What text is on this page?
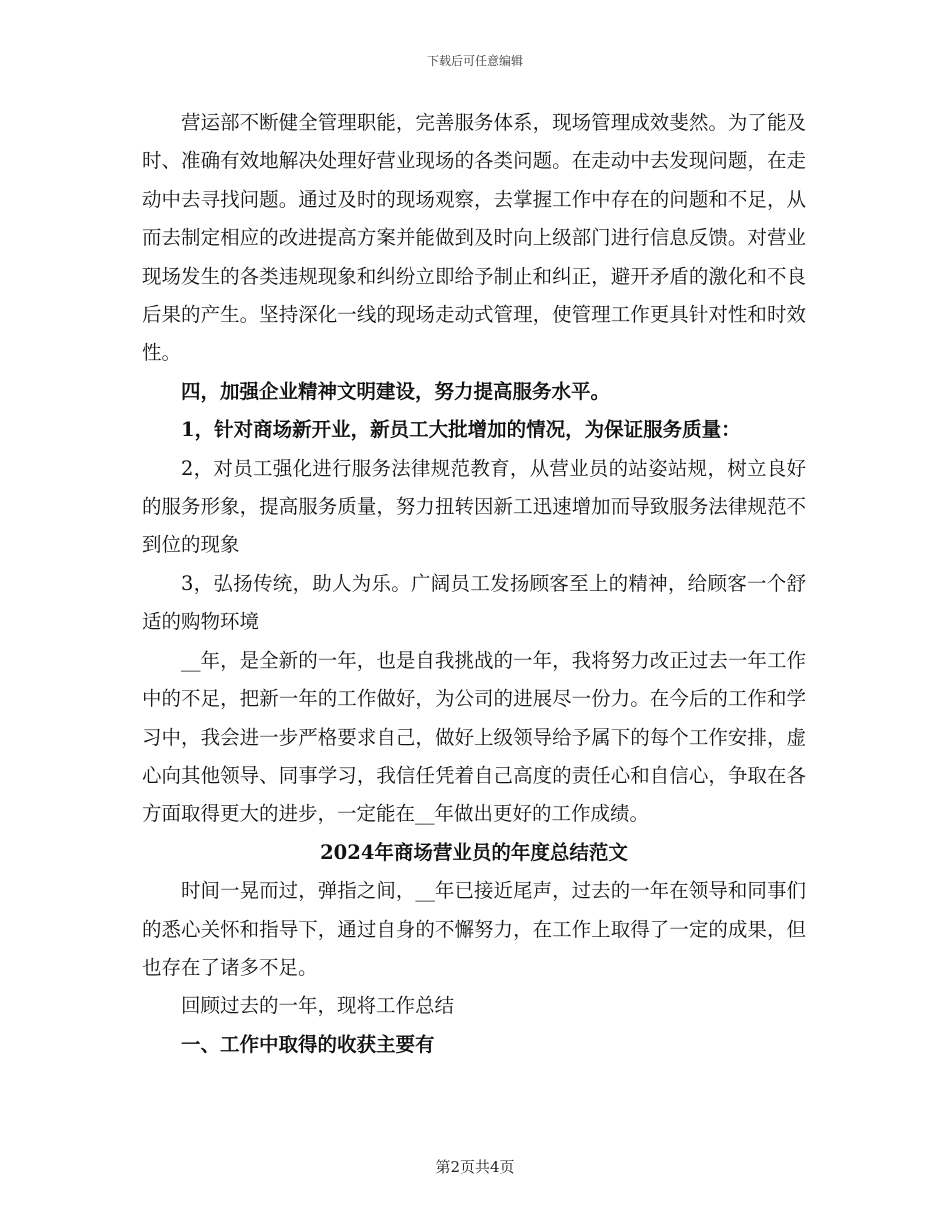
下载后可任意编辑

营运部不断健全管理职能，完善服务体系，现场管理成效斐然。为了能及时、准确有效地解决处理好营业现场的各类问题。在走动中去发现问题，在走动中去寻找问题。通过及时的现场观察，去掌握工作中存在的问题和不足，从而去制定相应的改进提高方案并能做到及时向上级部门进行信息反馈。对营业现场发生的各类违规现象和纠纷立即给予制止和纠正，避开矛盾的激化和不良后果的产生。坚持深化一线的现场走动式管理，使管理工作更具针对性和时效性。

四，加强企业精神文明建设，努力提高服务水平。

1，针对商场新开业，新员工大批增加的情况，为保证服务质量：

2，对员工强化进行服务法律规范教育，从营业员的站姿站规，树立良好的服务形象，提高服务质量，努力扭转因新工迅速增加而导致服务法律规范不到位的现象

3，弘扬传统，助人为乐。广阔员工发扬顾客至上的精神，给顾客一个舒适的购物环境

__年，是全新的一年，也是自我挑战的一年，我将努力改正过去一年工作中的不足，把新一年的工作做好，为公司的进展尽一份力。在今后的工作和学习中，我会进一步严格要求自己，做好上级领导给予属下的每个工作安排，虚心向其他领导、同事学习，我信任凭着自己高度的责任心和自信心，争取在各方面取得更大的进步，一定能在__年做出更好的工作成绩。

2024年商场营业员的年度总结范文

时间一晃而过，弹指之间，__年已接近尾声，过去的一年在领导和同事们的悉心关怀和指导下，通过自身的不懈努力，在工作上取得了一定的成果，但也存在了诸多不足。

回顾过去的一年，现将工作总结

一、工作中取得的收获主要有

第2页共4页
